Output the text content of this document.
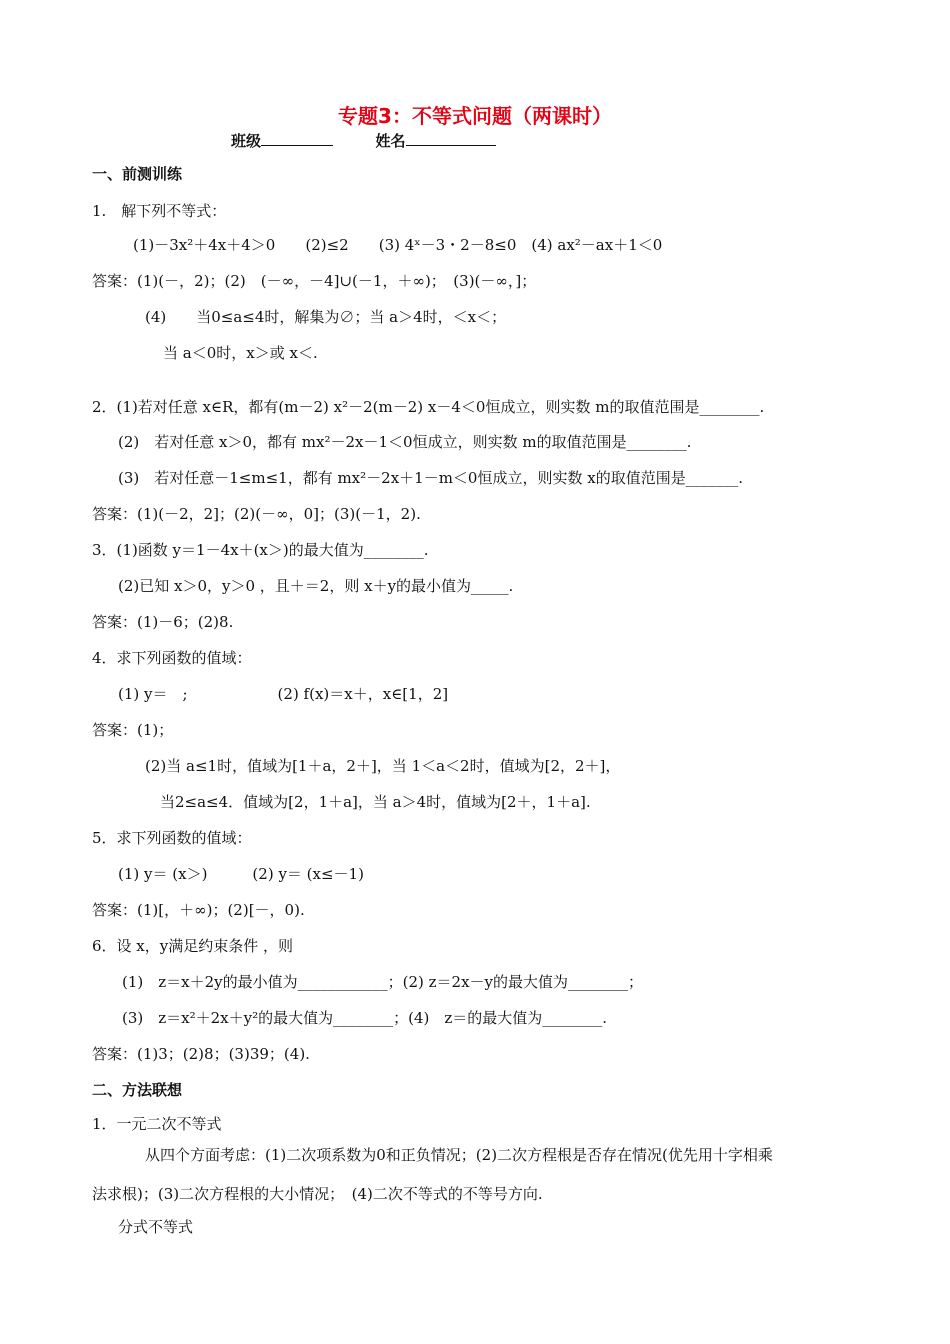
专题3：不等式问题（两课时）
班级	姓名
一、前测训练
1.　解下列不等式：
(1)－3x²＋4x＋4＞0　　(2)≤2　　(3) 4ˣ－3・2－8≤0　(4) ax²－ax＋1＜0
答案：(1)(－，2)；(2)　(－∞，－4]∪(－1，＋∞)；　(3)(－∞，]；
(4)　　当0≤a≤4时，解集为∅；当 a＞4时，＜x＜；
当 a＜0时，x＞或 x＜.
2．(1)若对任意 x∈R，都有(m－2) x²－2(m－2) x－4＜0恒成立，则实数 m的取值范围是________.
(2)　若对任意 x＞0，都有 mx²－2x－1＜0恒成立，则实数 m的取值范围是________.
(3)　若对任意－1≤m≤1，都有 mx²－2x＋1－m＜0恒成立，则实数 x的取值范围是_______.
答案：(1)(－2，2]；(2)(－∞，0]；(3)(－1，2).
3．(1)函数 y＝1－4x＋(x＞)的最大值为________.
(2)已知 x＞0，y＞0 ，且＋＝2，则 x＋y的最小值为_____.
答案：(1)－6；(2)8.
4．求下列函数的值域：
(1) y＝　;　　　　　　(2) f(x)＝x＋，x∈[1，2]
答案：(1)；
(2)当 a≤1时，值域为[1＋a，2＋]，当 1＜a＜2时，值域为[2，2＋]，
当2≤a≤4．值域为[2，1＋a]，当 a＞4时，值域为[2＋，1＋a].
5．求下列函数的值域：
(1) y＝ (x＞)　　　(2) y＝ (x≤－1)
答案：(1)[，＋∞)；(2)[－，0).
6．设 x，y满足约束条件 ，则
(1)　z＝x＋2y的最小值为____________；(2) z＝2x－y的最大值为________；
(3)　z＝x²＋2x＋y²的最大值为________；(4)　z＝的最大值为________.
答案：(1)3；(2)8；(3)39；(4).
二、方法联想
1．一元二次不等式
从四个方面考虑：(1)二次项系数为0和正负情况；(2)二次方程根是否存在情况(优先用十字相乘
法求根)；(3)二次方程根的大小情况；　(4)二次不等式的不等号方向.
分式不等式
